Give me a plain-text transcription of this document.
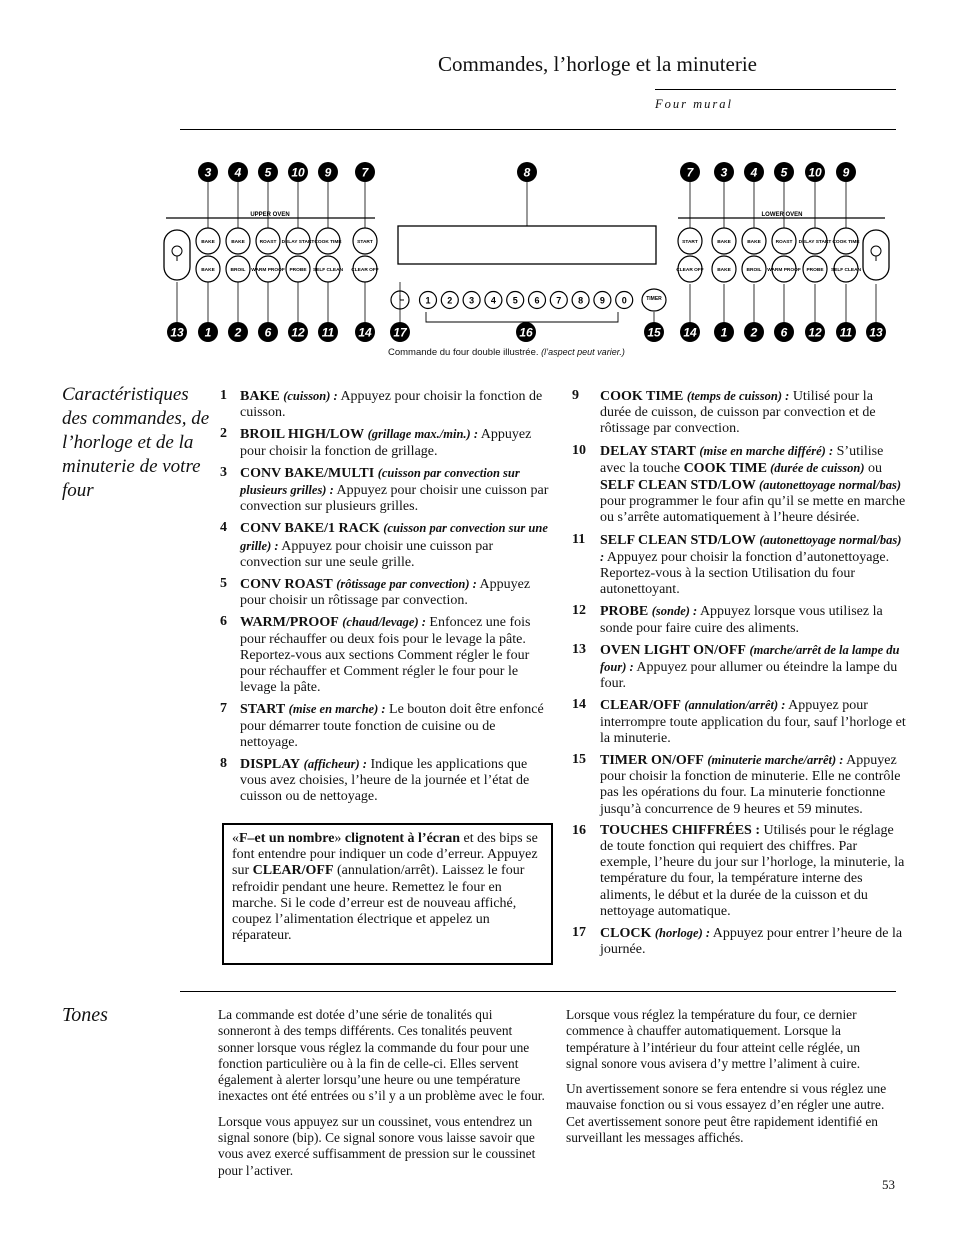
Commandes, l’horloge et la minuterie
Four mural
3 4 5 10 9	7	8	7 3 4 5 10 9
UPPER OVEN	LOWER OVEN
BAKE	BAKE	ROAST DELAY START COOK TIME	START
BAKE	BROIL WARM PROOF PROBE SELF CLEAN CLEAR OFF
START	BAKE	BAKE	ROAST DELAY START COOK TIME
CLEAR OFF	BAKE	BROIL WARM PROOF PROBE SELF CLEAN
1 2 3 4 5 6 7 8 9 0	TIMER
13 1 2 6 12 11 14 17	16	15 14 1 2 6 12 11 13
Commande du four double illustrée. (l’aspect peut varier.)
Caractéristiques des commandes, de l’horloge et de la minuterie de votre four
1 BAKE (cuisson) : Appuyez pour choisir la fonction de cuisson.
2 BROIL HIGH/LOW (grillage max./min.) : Appuyez pour choisir la fonction de grillage.
3 CONV BAKE/MULTI (cuisson par convection sur plusieurs grilles) : Appuyez pour choisir une cuisson par convection sur plusieurs grilles.
4 CONV BAKE/1 RACK (cuisson par convection sur une grille) : Appuyez pour choisir une cuisson par convection sur une seule grille.
5 CONV ROAST (rôtissage par convection) : Appuyez pour choisir un rôtissage par convection.
6 WARM/PROOF (chaud/levage) : Enfoncez une fois pour réchauffer ou deux fois pour le levage la pâte. Reportez-vous aux sections Comment régler le four pour réchauffer et Comment régler le four pour le levage la pâte.
7 START (mise en marche) : Le bouton doit être enfoncé pour démarrer toute fonction de cuisine ou de nettoyage.
8 DISPLAY (afficheur) : Indique les applications que vous avez choisies, l’heure de la journée et l’état de cuisson ou de nettoyage.
9 COOK TIME (temps de cuisson) : Utilisé pour la durée de cuisson, de cuisson par convection et de rôtissage par convection.
10 DELAY START (mise en marche différé) : S’utilise avec la touche COOK TIME (durée de cuisson) ou SELF CLEAN STD/LOW (autonettoyage normal/bas) pour programmer le four afin qu’il se mette en marche ou s’arrête automatiquement à l’heure désirée.
11 SELF CLEAN STD/LOW (autonettoyage normal/bas) : Appuyez pour choisir la fonction d’autonettoyage. Reportez-vous à la section Utilisation du four autonettoyant.
12 PROBE (sonde) : Appuyez lorsque vous utilisez la sonde pour faire cuire des aliments.
13 OVEN LIGHT ON/OFF (marche/arrêt de la lampe du four) : Appuyez pour allumer ou éteindre la lampe du four.
14 CLEAR/OFF (annulation/arrêt) : Appuyez pour interrompre toute application du four, sauf l’horloge et la minuterie.
15 TIMER ON/OFF (minuterie marche/arrêt) : Appuyez pour choisir la fonction de minuterie. Elle ne contrôle pas les opérations du four. La minuterie fonctionne jusqu’à concurrence de 9 heures et 59 minutes.
16 TOUCHES CHIFFRÉES : Utilisés pour le réglage de toute fonction qui requiert des chiffres. Par exemple, l’heure du jour sur l’horloge, la minuterie, la température du four, la température interne des aliments, le début et la durée de la cuisson et du nettoyage automatique.
17 CLOCK (horloge) : Appuyez pour entrer l’heure de la journée.
«F–et un nombre» clignotent à l’écran et des bips se font entendre pour indiquer un code d’erreur. Appuyez sur CLEAR/OFF (annulation/arrêt). Laissez le four refroidir pendant une heure. Remettez le four en marche. Si le code d’erreur est de nouveau affiché, coupez l’alimentation électrique et appelez un réparateur.
Tones	La commande est dotée d’une série de tonalités qui sonneront à des temps différents. Ces tonalités peuvent sonner lorsque vous réglez la commande du four pour une fonction particulière ou à la fin de celle-ci. Elles servent également à alerter lorsqu’une heure ou une température inexactes ont été entrées ou s’il y a un problème avec le four.

Lorsque vous appuyez sur un coussinet, vous entendrez un signal sonore (bip). Ce signal sonore vous laisse savoir que vous avez exercé suffisamment de pression sur le coussinet pour l’activer.

Lorsque vous réglez la température du four, ce dernier commence à chauffer automatiquement. Lorsque la température à l’intérieur du four atteint celle réglée, un signal sonore vous avisera d’y mettre l’aliment à cuire.

Un avertissement sonore se fera entendre si vous réglez une mauvaise fonction ou si vous essayez d’en régler une autre. Cet avertissement sonore peut être rapidement identifié en surveillant les messages affichés.

53
